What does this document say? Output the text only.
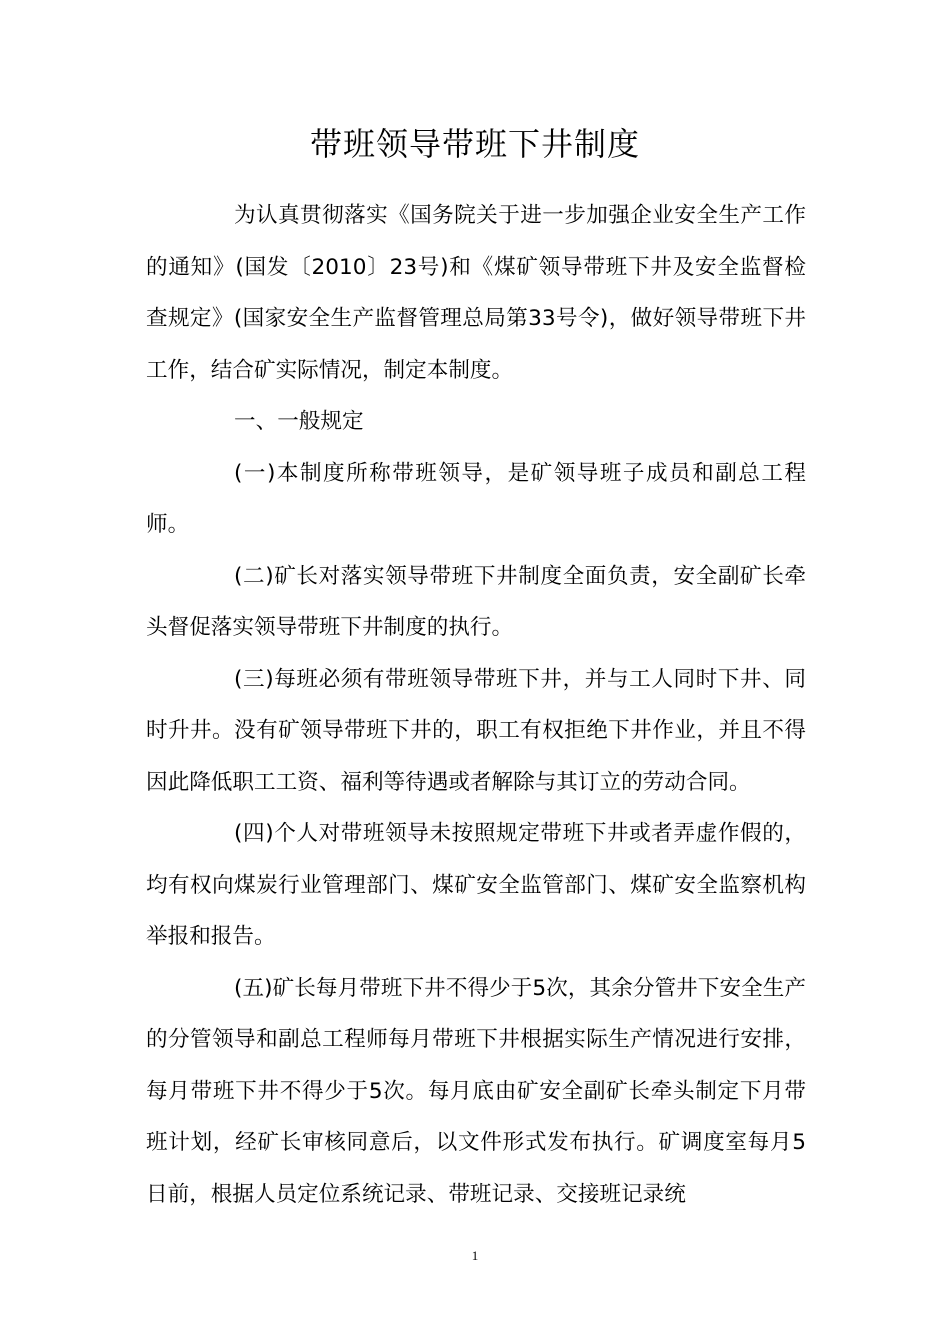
带班领导带班下井制度

为认真贯彻落实《国务院关于进一步加强企业安全生产工作的通知》(国发〔2010〕23号)和《煤矿领导带班下井及安全监督检查规定》(国家安全生产监督管理总局第33号令)，做好领导带班下井工作，结合矿实际情况，制定本制度。

一、一般规定

(一)本制度所称带班领导，是矿领导班子成员和副总工程师。

(二)矿长对落实领导带班下井制度全面负责，安全副矿长牵头督促落实领导带班下井制度的执行。

(三)每班必须有带班领导带班下井，并与工人同时下井、同时升井。没有矿领导带班下井的，职工有权拒绝下井作业，并且不得因此降低职工工资、福利等待遇或者解除与其订立的劳动合同。

(四)个人对带班领导未按照规定带班下井或者弄虚作假的，均有权向煤炭行业管理部门、煤矿安全监管部门、煤矿安全监察机构举报和报告。

(五)矿长每月带班下井不得少于5次，其余分管井下安全生产的分管领导和副总工程师每月带班下井根据实际生产情况进行安排，每月带班下井不得少于5次。每月底由矿安全副矿长牵头制定下月带班计划，经矿长审核同意后，以文件形式发布执行。矿调度室每月5日前，根据人员定位系统记录、带班记录、交接班记录统

1
